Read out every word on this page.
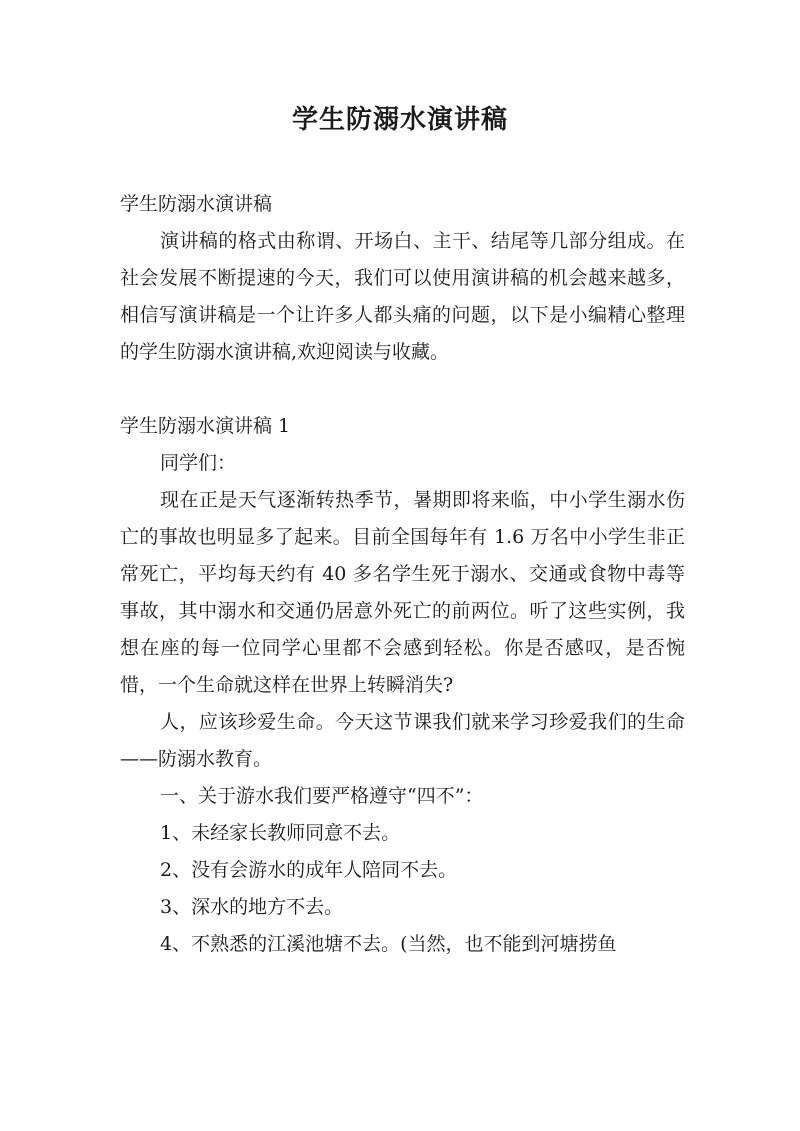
学生防溺水演讲稿

学生防溺水演讲稿

演讲稿的格式由称谓、开场白、主干、结尾等几部分组成。在社会发展不断提速的今天，我们可以使用演讲稿的机会越来越多，相信写演讲稿是一个让许多人都头痛的问题，以下是小编精心整理的学生防溺水演讲稿,欢迎阅读与收藏。

学生防溺水演讲稿 1

同学们：

现在正是天气逐渐转热季节，暑期即将来临，中小学生溺水伤亡的事故也明显多了起来。目前全国每年有 1.6 万名中小学生非正常死亡，平均每天约有 40 多名学生死于溺水、交通或食物中毒等事故，其中溺水和交通仍居意外死亡的前两位。听了这些实例，我想在座的每一位同学心里都不会感到轻松。你是否感叹，是否惋惜，一个生命就这样在世界上转瞬消失?

人，应该珍爱生命。今天这节课我们就来学习珍爱我们的生命——防溺水教育。

一、关于游水我们要严格遵守“四不”：

1、未经家长教师同意不去。

2、没有会游水的成年人陪同不去。

3、深水的地方不去。

4、不熟悉的江溪池塘不去。(当然，也不能到河塘捞鱼
